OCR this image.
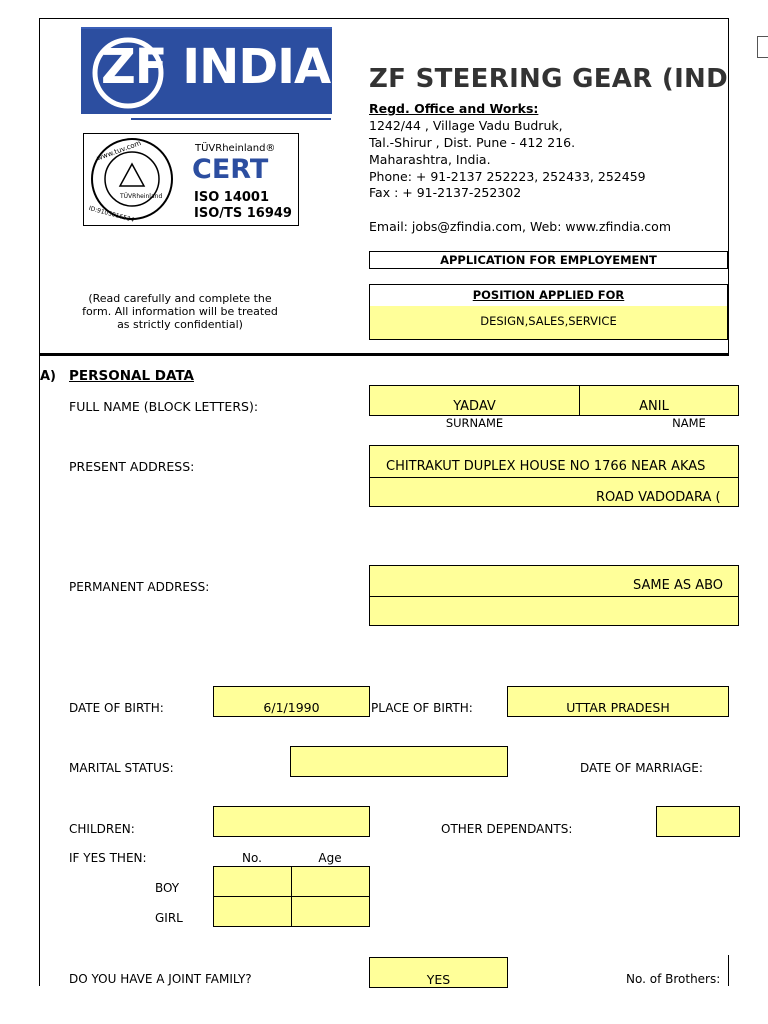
ZF INDIA
TÜVRheinland
www.tuv.com
ID:9105016534
TÜVRheinland®
CERT
ISO 14001
ISO/TS 16949
ZF STEERING GEAR (IND
Regd. Office and Works:
1242/44 , Village Vadu Budruk,
Tal.-Shirur , Dist. Pune - 412 216.
Maharashtra, India.
Phone: + 91-2137 252223, 252433, 252459
Fax : + 91-2137-252302
Email: jobs@zfindia.com, Web: www.zfindia.com
APPLICATION FOR EMPLOYEMENT
POSITION APPLIED FOR
DESIGN,SALES,SERVICE
(Read carefully and complete the
form. All information will be treated
as strictly confidential)
A) PERSONAL DATA
FULL NAME (BLOCK LETTERS):	YADAV	ANIL
SURNAME	NAME
PRESENT ADDRESS:	CHITRAKUT DUPLEX HOUSE NO 1766 NEAR AKAS
ROAD VADODARA (
PERMANENT ADDRESS:	SAME AS ABO
DATE OF BIRTH:	6/1/1990	PLACE OF BIRTH:	UTTAR PRADESH
MARITAL STATUS:	DATE OF MARRIAGE:
CHILDREN:	OTHER DEPENDANTS:
IF YES THEN:	No.	Age
BOY
GIRL
DO YOU HAVE A JOINT FAMILY?	YES	No. of Brothers:
